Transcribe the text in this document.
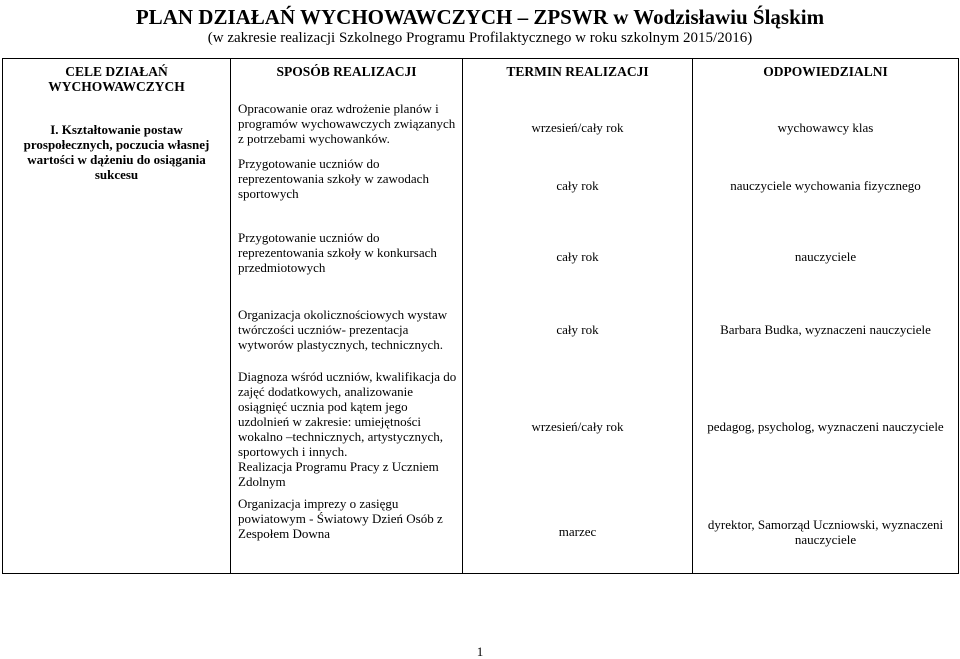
PLAN DZIAŁAŃ WYCHOWAWCZYCH – ZPSWR w Wodzisławiu Śląskim
(w zakresie realizacji Szkolnego Programu Profilaktycznego w roku szkolnym 2015/2016)
CELE DZIAŁAŃ WYCHOWAWCZYCH	SPOSÓB REALIZACJI	TERMIN REALIZACJI	ODPOWIEDZIALNI

I. Kształtowanie postaw prospołecznych, poczucia własnej wartości w dążeniu do osiągania sukcesu	Opracowanie oraz wdrożenie planów i programów wychowawczych związanych z potrzebami wychowanków.	wrzesień/cały rok	wychowawcy klas
	Przygotowanie uczniów do reprezentowania szkoły w zawodach sportowych	cały rok	nauczyciele wychowania fizycznego
	Przygotowanie uczniów do reprezentowania szkoły w konkursach przedmiotowych	cały rok	nauczyciele
	Organizacja okolicznościowych wystaw twórczości uczniów- prezentacja wytworów plastycznych, technicznych.	cały rok	Barbara Budka, wyznaczeni nauczyciele

	Diagnoza wśród uczniów, kwalifikacja do zajęć dodatkowych, analizowanie osiągnięć ucznia pod kątem jego uzdolnień w zakresie: umiejętności wokalno –technicznych, artystycznych, sportowych i innych.
Realizacja Programu Pracy z Uczniem Zdolnym	wrzesień/cały rok	pedagog, psycholog, wyznaczeni nauczyciele
	Organizacja imprezy o zasięgu powiatowym - Światowy Dzień Osób z Zespołem Downa	marzec	dyrektor, Samorząd Uczniowski, wyznaczeni nauczyciele
1
